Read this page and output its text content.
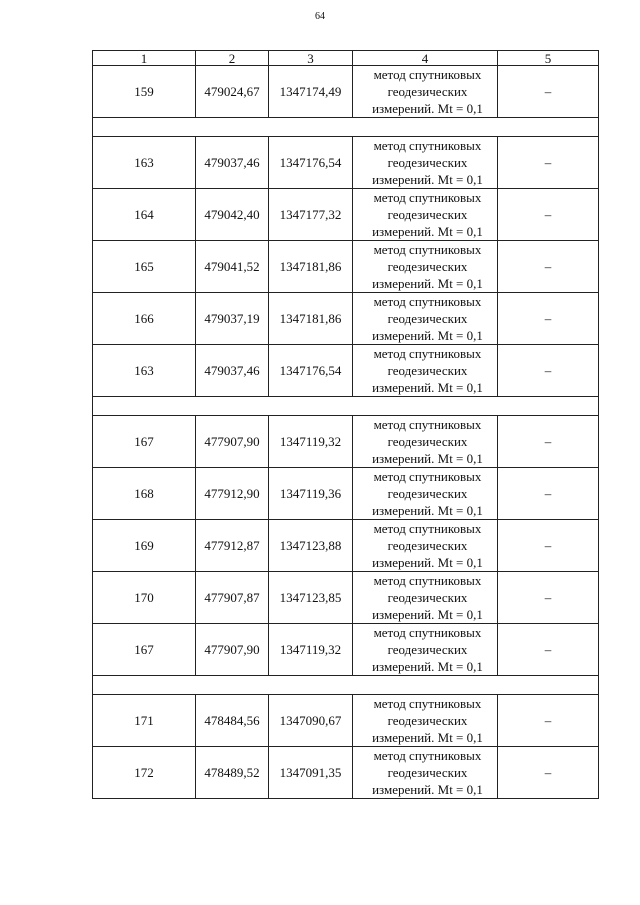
64
1	2	3	4	5
159	479024,67	1347174,49	метод спутниковых
геодезических
измерений. Mt = 0,1	–

163	479037,46	1347176,54	метод спутниковых
геодезических
измерений. Mt = 0,1	–
164	479042,40	1347177,32	метод спутниковых
геодезических
измерений. Mt = 0,1	–
165	479041,52	1347181,86	метод спутниковых
геодезических
измерений. Mt = 0,1	–
166	479037,19	1347181,86	метод спутниковых
геодезических
измерений. Mt = 0,1	–
163	479037,46	1347176,54	метод спутниковых
геодезических
измерений. Mt = 0,1	–

167	477907,90	1347119,32	метод спутниковых
геодезических
измерений. Mt = 0,1	–
168	477912,90	1347119,36	метод спутниковых
геодезических
измерений. Mt = 0,1	–
169	477912,87	1347123,88	метод спутниковых
геодезических
измерений. Mt = 0,1	–
170	477907,87	1347123,85	метод спутниковых
геодезических
измерений. Mt = 0,1	–
167	477907,90	1347119,32	метод спутниковых
геодезических
измерений. Mt = 0,1	–

171	478484,56	1347090,67	метод спутниковых
геодезических
измерений. Mt = 0,1	–
172	478489,52	1347091,35	метод спутниковых
геодезических
измерений. Mt = 0,1	–
